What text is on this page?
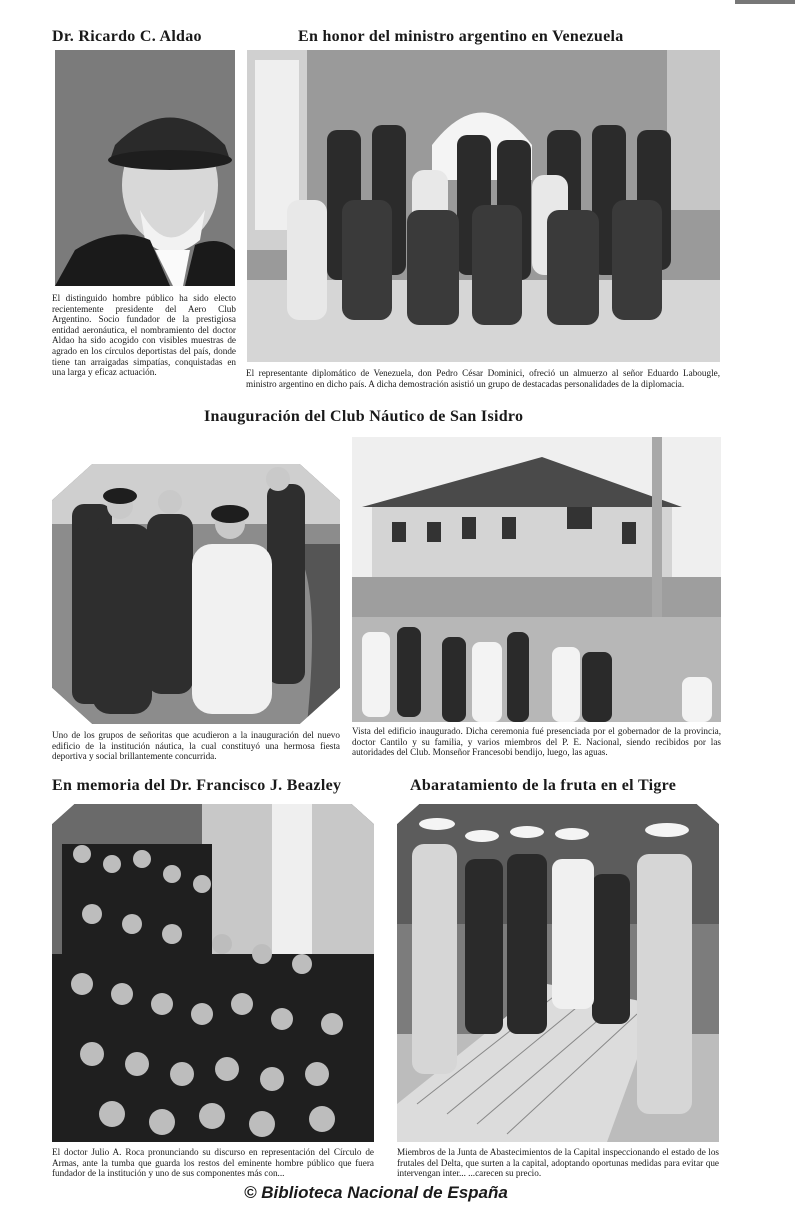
Dr. Ricardo C. Aldao	En honor del ministro argentino en Venezuela
Inauguración del Club Náutico de San Isidro
En memoria del Dr. Francisco J. Beazley	Abaratamiento de la fruta en el Tigre
El distinguido hombre público ha sido electo recientemente presidente del Aero Club Argentino. Socio fundador de la prestigiosa entidad aeronáutica, el nombramiento del doctor Aldao ha sido acogido con visibles muestras de agrado en los círculos deportistas del país, donde tiene tan arraigadas simpatías, conquistadas en una larga y eficaz actuación.	El representante diplomático de Venezuela, don Pedro César Dominici, ofreció un almuerzo al señor Eduardo Labougle, ministro argentino en dicho país. A dicha demostración asistió un grupo de destacadas personalidades de la diplomacia.
Uno de los grupos de señoritas que acudieron a la inauguración del nuevo edificio de la institución náutica, la cual constituyó una hermosa fiesta deportiva y social brillantemente concurrida.
Vista del edificio inaugurado. Dicha ceremonia fué presenciada por el gobernador de la provincia, doctor Cantilo y su familia, y varios miembros del P. E. Nacional, siendo recibidos por las autoridades del Club. Monseñor Francesobi bendijo, luego, las aguas.
El doctor Julio A. Roca pronunciando su discurso en representación del Círculo de Armas, ante la tumba que guarda los restos del eminente hombre público que fuera fundador de la institución y uno de sus componentes más con...
Miembros de la Junta de Abastecimientos de la Capital inspeccionando el estado de los frutales del Delta, que surten a la capital, adoptando oportunas medidas para evitar que intervengan inter... ...carecen su precio.
© Biblioteca Nacional de España
